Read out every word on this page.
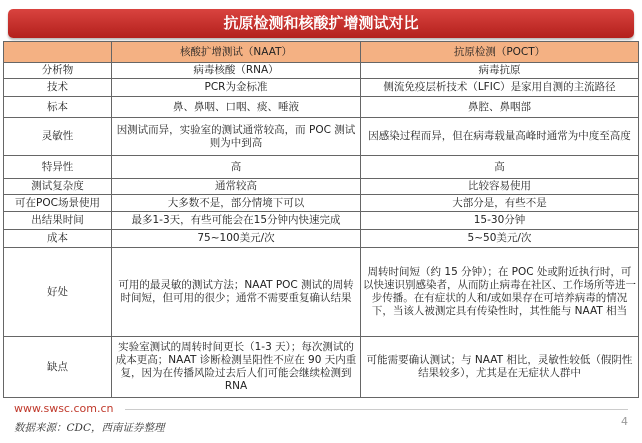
抗原检测和核酸扩增测试对比
	核酸扩增测试（NAAT）	抗原检测（POCT）
分析物	病毒核酸（RNA）	病毒抗原
技术	PCR为金标准	侧流免疫层析技术（LFIC）是家用自测的主流路径
标本	鼻、鼻咽、口咽、痰、唾液	鼻腔、鼻咽部
灵敏性	因测试而异，实验室的测试通常较高，而 POC 测试则为中到高	因感染过程而异，但在病毒载量高峰时通常为中度至高度
特异性	高	高
测试复杂度	通常较高	比较容易使用
可在POC场景使用	大多数不是，部分情境下可以	大部分是，有些不是
出结果时间	最多1-3天，有些可能会在15分钟内快速完成	15-30分钟
成本	75~100美元/次	5~50美元/次
好处	可用的最灵敏的测试方法；NAAT POC 测试的周转时间短，但可用的很少；通常不需要重复确认结果	周转时间短（约 15 分钟）；在 POC 处或附近执行时，可以快速识别感染者，从而防止病毒在社区、工作场所等进一步传播。在有症状的人和/或如果存在可培养病毒的情况下，当该人被测定具有传染性时，其性能与 NAAT 相当
缺点	实验室测试的周转时间更长（1-3 天）；每次测试的成本更高；NAAT 诊断检测呈阳性不应在 90 天内重复，因为在传播风险过去后人们可能会继续检测到 RNA	可能需要确认测试；与 NAAT 相比，灵敏性较低（假阴性结果较多），尤其是在无症状人群中
www.swsc.com.cn
数据来源：CDC，西南证券整理	4
